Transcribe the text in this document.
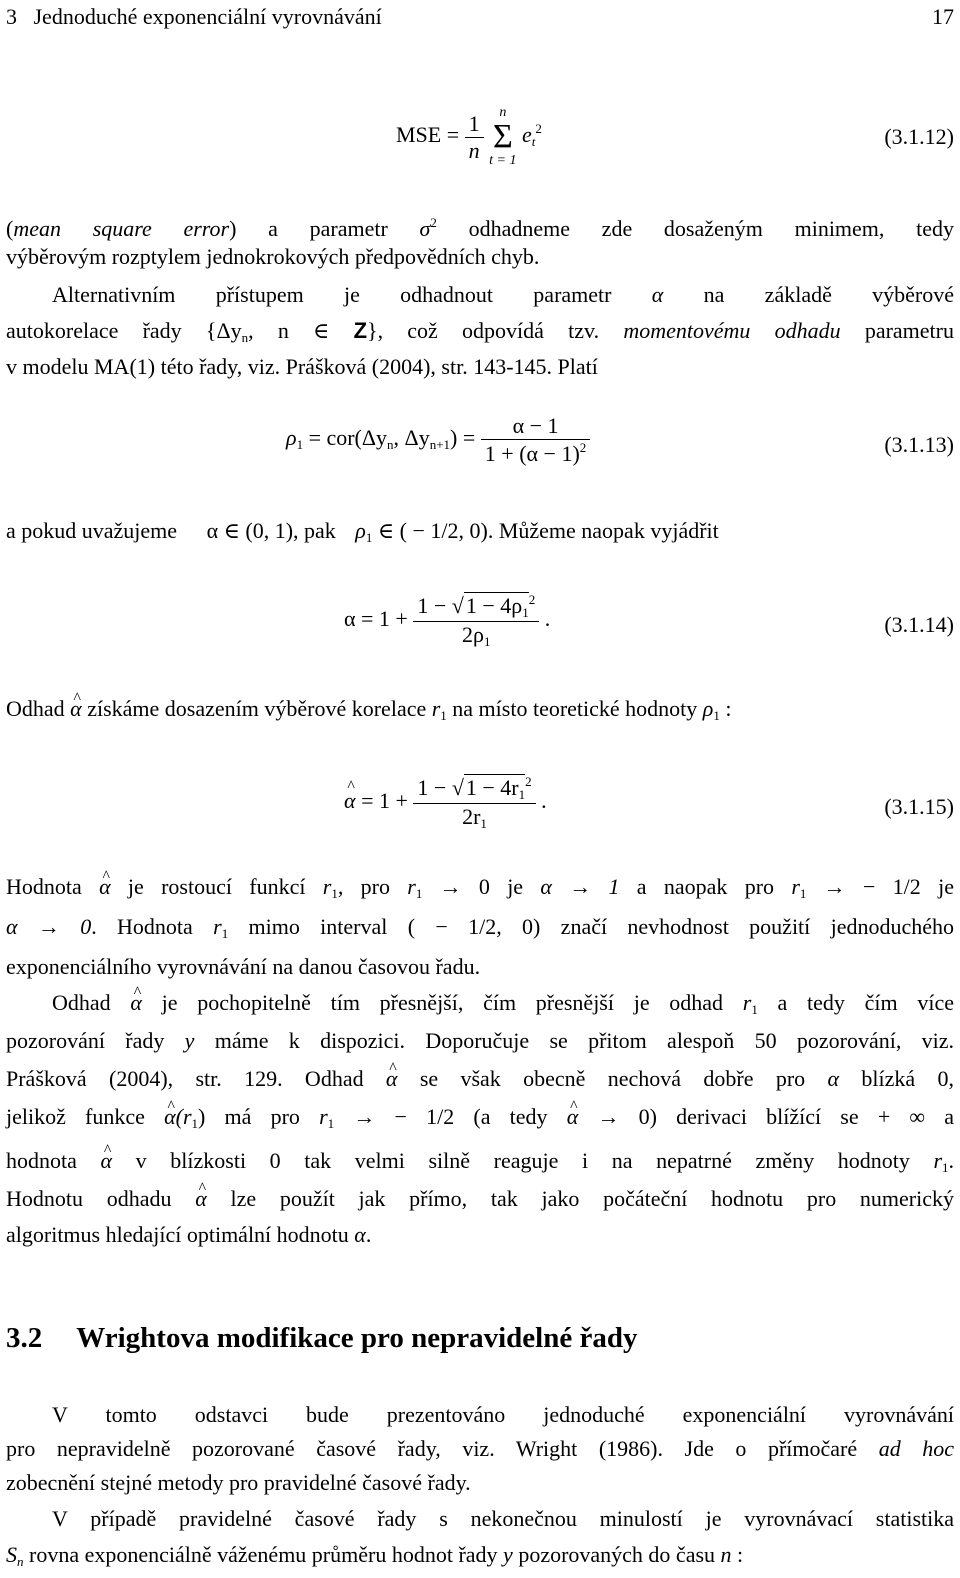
3   Jednoduché exponenciální vyrovnávání	17
MSE = $\frac{1}{n}$
	n
Σ
t = 1
$e_t^2$	(3.1.12)
(mean square error) a parametr $\sigma^2$ odhadneme zde dosaženým minimem, tedy
výběrovým rozptylem jednokrokových předpovědních chyb.
Alternativním přístupem je odhadnout parametr α na základě výběrové
autokorelace řady {$\Delta y_n$, n ∈ Z}, což odpovídá tzv. momentovému odhadu parametru
v modelu MA(1) této řady, viz. Prášková (2004), str. 143-145. Platí
$\rho_1 = cor(\Delta y_n$, $\Delta y_{n+1}) = \frac{\alpha - 1}{1 + (\alpha - 1)^2}$	(3.1.13)
a pokud uvažujeme α ∈ (0, 1), pak $\rho_1$ ∈ ( − 1/2, 0). Můžeme naopak vyjádřit
$\alpha = 1 + \frac{1 - √1 - 4\rho_1^2}{2\rho_1}$ .	(3.1.14)
Odhad ^ α získáme dosazením výběrové korelace $r_1$ na místo teoretické hodnoty $\rho_1$ :
^ $\alpha = 1 + \frac{1 - √1 - 4r_1^2}{2r_1}$ .	(3.1.15)
Hodnota ^ α je rostoucí funkcí $r_1$, pro $r_1 \to 0$ je α → 1 a naopak pro $r_1$ → − 1/2 je
α → 0. Hodnota $r_1$ mimo interval ( − 1/2, 0) značí nevhodnost použití jednoduchého
exponenciálního vyrovnávání na danou časovou řadu.
Odhad ^ α je pochopitelně tím přesnější, čím přesnější je odhad $r_1$ a tedy čím více
pozorování řady y máme k dispozici. Doporučuje se přitom alespoň 50 pozorování, viz.
Prášková (2004), str. 129. Odhad ^ α se však obecně nechová dobře pro α blízká 0,
jelikož funkce ^ $\alpha(r_1)$ má pro $r_1$ → − 1/2 (a tedy ^ α → 0) derivaci blížící se + ∞ a
hodnota ^ α v blízkosti 0 tak velmi silně reaguje i na nepatrné změny hodnoty $r_1$.
Hodnotu odhadu ^ α lze použít jak přímo, tak jako počáteční hodnotu pro numerický
algoritmus hledající optimální hodnotu α.
3.2 Wrightova modifikace pro nepravidelné řady
V tomto odstavci bude prezentováno jednoduché exponenciální vyrovnávání
pro nepravidelně pozorované časové řady, viz. Wright (1986). Jde o přímočaré ad hoc
zobecnění stejné metody pro pravidelné časové řady.
V případě pravidelné časové řady s nekonečnou minulostí je vyrovnávací statistika
$S_n$ rovna exponenciálně váženému průměru hodnot řady y pozorovaných do času n :
